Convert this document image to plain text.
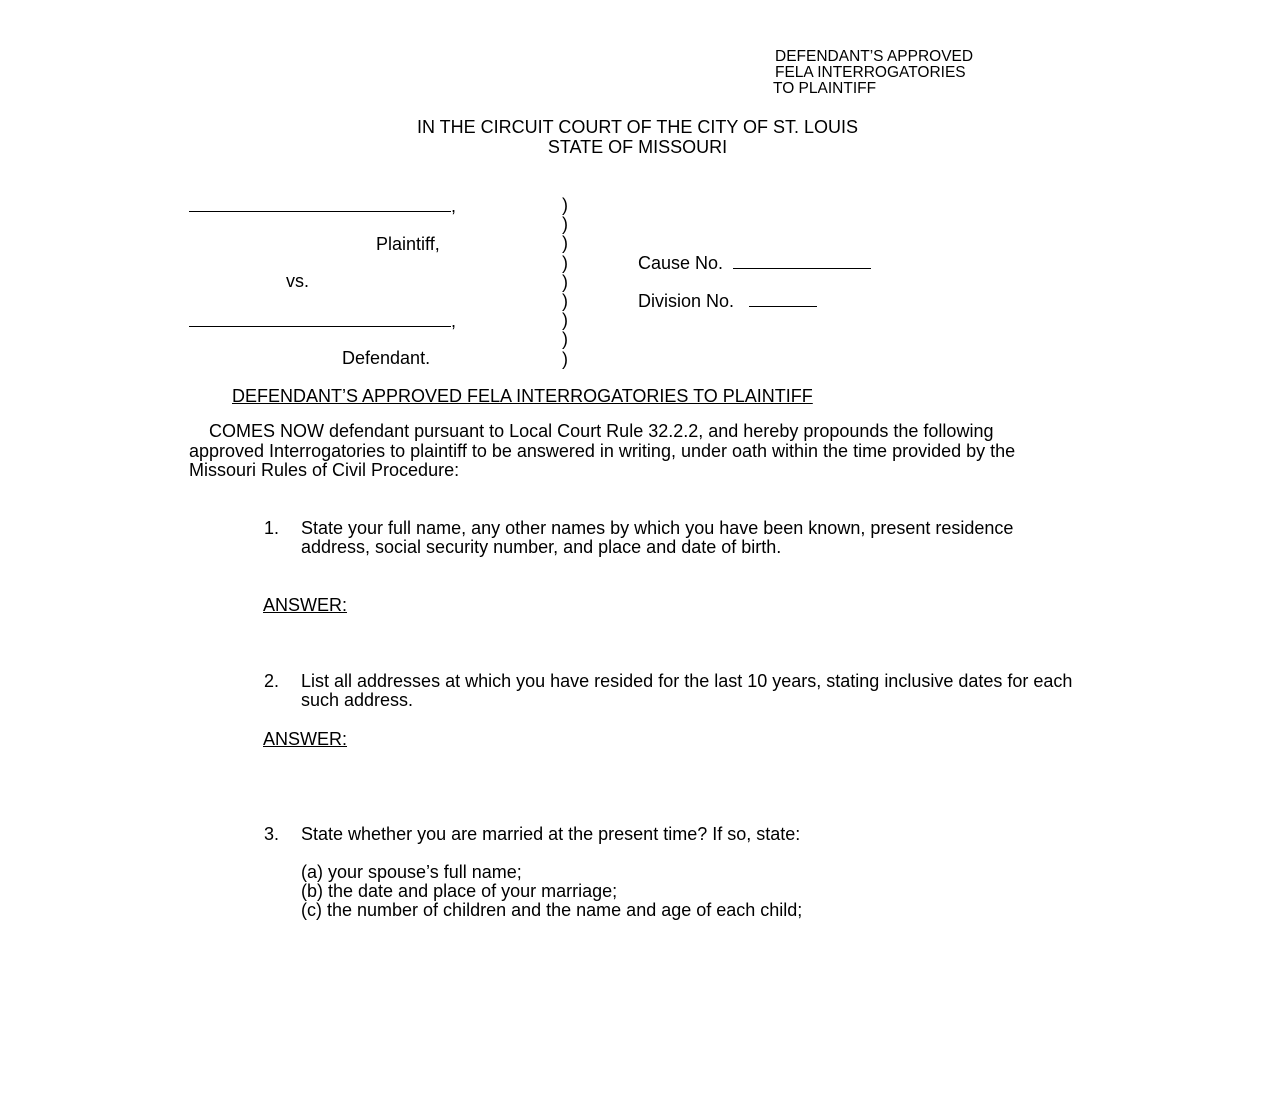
DEFENDANT’S APPROVED
FELA INTERROGATORIES
TO PLAINTIFF
IN THE CIRCUIT COURT OF THE CITY OF ST. LOUIS
STATE OF MISSOURI
,
Plaintiff,
vs.
,
Defendant.
)
)
)
)
)
)
)
)
)
Cause No.
Division No.
DEFENDANT’S APPROVED FELA INTERROGATORIES TO PLAINTIFF
COMES NOW defendant pursuant to Local Court Rule 32.2.2, and hereby propounds the following approved Interrogatories to plaintiff to be answered in writing, under oath within the time provided by the Missouri Rules of Civil Procedure:
1. State your full name, any other names by which you have been known, present residence address, social security number, and place and date of birth.
ANSWER:
2. List all addresses at which you have resided for the last 10 years, stating inclusive dates for each such address.
ANSWER:
3. State whether you are married at the present time? If so, state:
(a) your spouse’s full name;
(b) the date and place of your marriage;
(c) the number of children and the name and age of each child;
